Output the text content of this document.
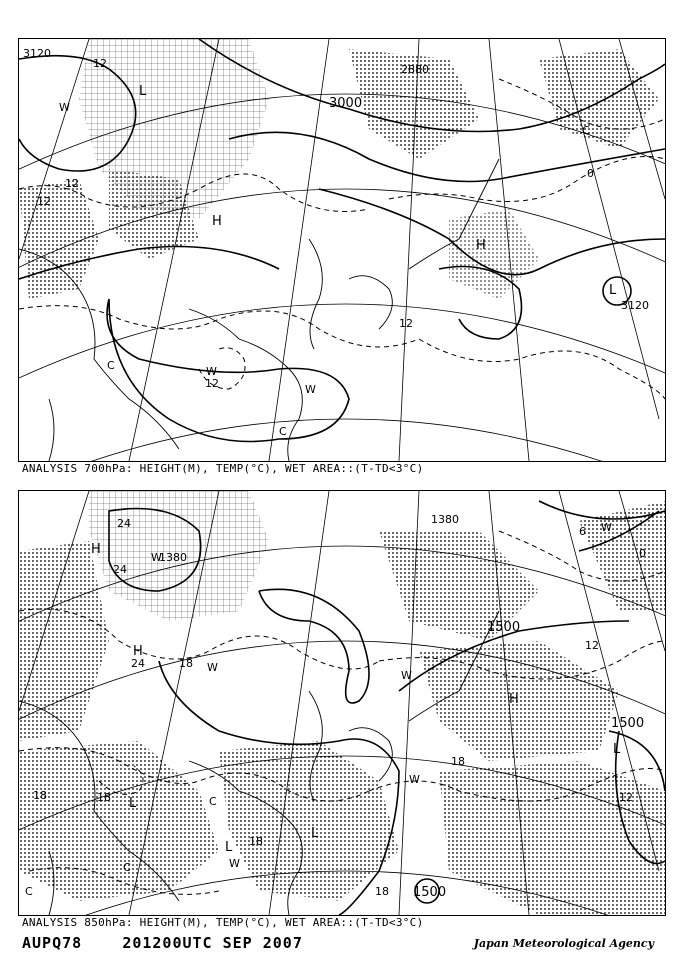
3120
3000
3120
2880
12
12
12
12
0
12
L
H
H
L
W
C
W
C
W
C
ANALYSIS 700hPa: HEIGHT(M), TEMP(°C), WET AREA::(T-TD<3°C)
1380
1380
1500
1500
1500
24
24
24	18
18	18
12
12
18
18
18
0
6
H
W
H
W
W
H
L
L
C
L
C
W
L
W
W
C
ANALYSIS 850hPa: HEIGHT(M), TEMP(°C), WET AREA::(T-TD<3°C)
AUPQ78	201200UTC SEP 2007	Japan Meteorological Agency
